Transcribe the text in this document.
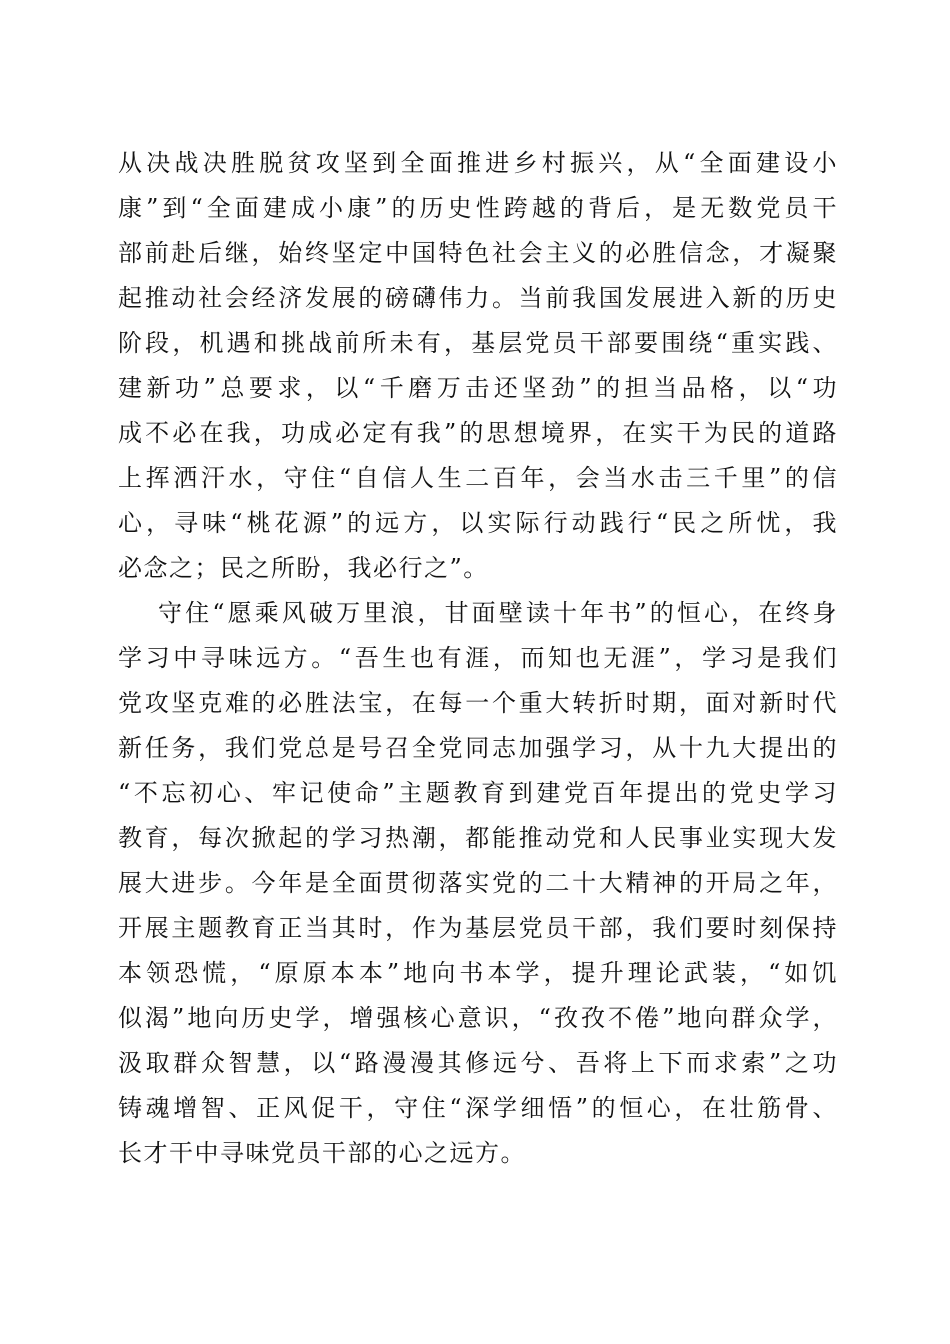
从决战决胜脱贫攻坚到全面推进乡村振兴，从“全面建设小
康”到“全面建成小康”的历史性跨越的背后，是无数党员干
部前赴后继，始终坚定中国特色社会主义的必胜信念，才凝聚
起推动社会经济发展的磅礴伟力。当前我国发展进入新的历史
阶段，机遇和挑战前所未有，基层党员干部要围绕“重实践、
建新功”总要求，以“千磨万击还坚劲”的担当品格，以“功
成不必在我，功成必定有我”的思想境界，在实干为民的道路
上挥洒汗水，守住“自信人生二百年，会当水击三千里”的信
心，寻味“桃花源”的远方，以实际行动践行“民之所忧，我
必念之；民之所盼，我必行之”。
守住“愿乘风破万里浪，甘面壁读十年书”的恒心，在终身
学习中寻味远方。“吾生也有涯，而知也无涯”，学习是我们
党攻坚克难的必胜法宝，在每一个重大转折时期，面对新时代
新任务，我们党总是号召全党同志加强学习，从十九大提出的
“不忘初心、牢记使命”主题教育到建党百年提出的党史学习
教育，每次掀起的学习热潮，都能推动党和人民事业实现大发
展大进步。今年是全面贯彻落实党的二十大精神的开局之年，
开展主题教育正当其时，作为基层党员干部，我们要时刻保持
本领恐慌，“原原本本”地向书本学，提升理论武装，“如饥
似渴”地向历史学，增强核心意识，“孜孜不倦”地向群众学，
汲取群众智慧，以“路漫漫其修远兮、吾将上下而求索”之功
铸魂增智、正风促干，守住“深学细悟”的恒心，在壮筋骨、
长才干中寻味党员干部的心之远方。
